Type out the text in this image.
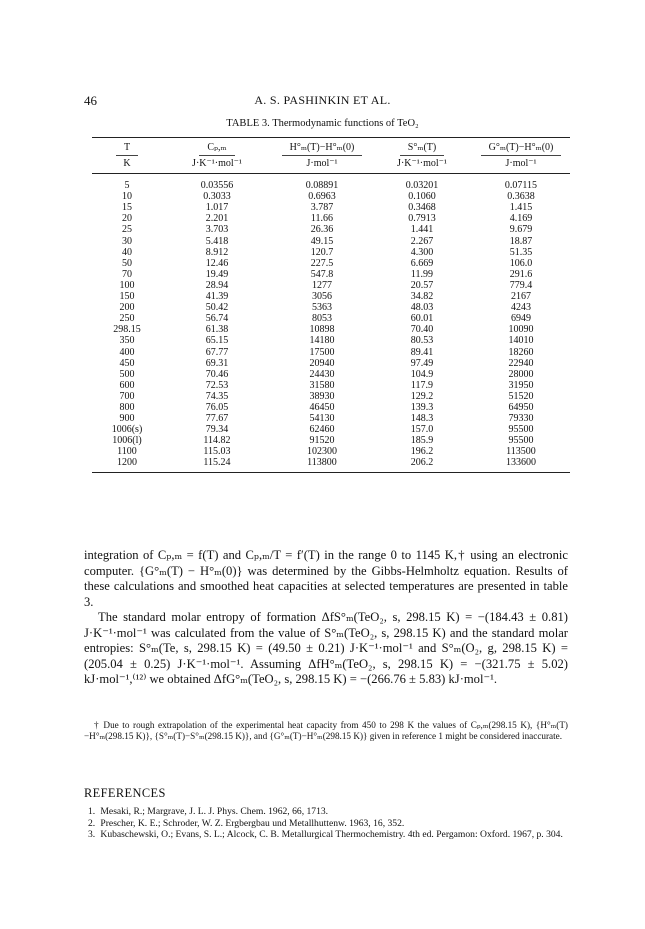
46	A. S. PASHINKIN ET AL.
TABLE 3. Thermodynamic functions of TeO₂
T	Cₚ,ₘ	H°ₘ(T)−H°ₘ(0)	S°ₘ(T)	G°ₘ(T)−H°ₘ(0)
K	J·K⁻¹·mol⁻¹	J·mol⁻¹	J·K⁻¹·mol⁻¹	J·mol⁻¹
5	0.03556	0.08891	0.03201	0.07115
10	0.3033	0.6963	0.1060	0.3638
15	1.017	3.787	0.3468	1.415
20	2.201	11.66	0.7913	4.169
25	3.703	26.36	1.441	9.679
30	5.418	49.15	2.267	18.87
40	8.912	120.7	4.300	51.35
50	12.46	227.5	6.669	106.0
70	19.49	547.8	11.99	291.6
100	28.94	1277	20.57	779.4
150	41.39	3056	34.82	2167
200	50.42	5363	48.03	4243
250	56.74	8053	60.01	6949
298.15	61.38	10898	70.40	10090
350	65.15	14180	80.53	14010
400	67.77	17500	89.41	18260
450	69.31	20940	97.49	22940
500	70.46	24430	104.9	28000
600	72.53	31580	117.9	31950
700	74.35	38930	129.2	51520
800	76.05	46450	139.3	64950
900	77.67	54130	148.3	79330
1006(s)	79.34	62460	157.0	95500
1006(l)	114.82	91520	185.9	95500
1100	115.03	102300	196.2	113500
1200	115.24	113800	206.2	133600

integration of Cₚ,ₘ = f(T) and Cₚ,ₘ/T = f′(T) in the range 0 to 1145 K,† using an electronic computer. {G°ₘ(T) − H°ₘ(0)} was determined by the Gibbs-Helmholtz equation. Results of these calculations and smoothed heat capacities at selected temperatures are presented in table 3.

The standard molar entropy of formation ΔfS°ₘ(TeO₂, s, 298.15 K) = −(184.43 ± 0.81) J·K⁻¹·mol⁻¹ was calculated from the value of S°ₘ(TeO₂, s, 298.15 K) and the standard molar entropies: S°ₘ(Te, s, 298.15 K) = (49.50 ± 0.21) J·K⁻¹·mol⁻¹ and S°ₘ(O₂, g, 298.15 K) = (205.04 ± 0.25) J·K⁻¹·mol⁻¹. Assuming ΔfH°ₘ(TeO₂, s, 298.15 K) = −(321.75 ± 5.02) kJ·mol⁻¹,⁽¹²⁾ we obtained ΔfG°ₘ(TeO₂, s, 298.15 K) = −(266.76 ± 5.83) kJ·mol⁻¹.

† Due to rough extrapolation of the experimental heat capacity from 450 to 298 K the values of Cₚ,ₘ(298.15 K), {H°ₘ(T)−H°ₘ(298.15 K)}, {S°ₘ(T)−S°ₘ(298.15 K)}, and {G°ₘ(T)−H°ₘ(298.15 K)} given in reference 1 might be considered inaccurate.

REFERENCES
1. Mesaki, R.; Margrave, J. L. J. Phys. Chem. 1962, 66, 1713.
2. Prescher, K. E.; Schroder, W. Z. Ergbergbau und Metallhuttenw. 1963, 16, 352.
3. Kubaschewski, O.; Evans, S. L.; Alcock, C. B. Metallurgical Thermochemistry. 4th ed. Pergamon: Oxford. 1967, p. 304.
